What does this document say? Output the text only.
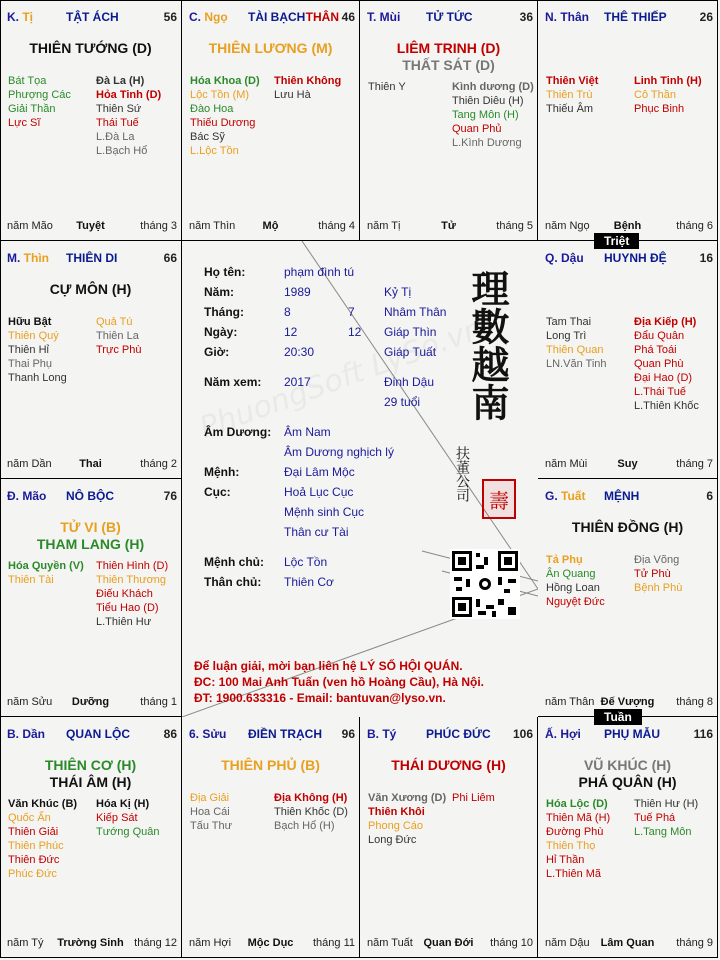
K. Tị	TẬT ÁCH	56
THIÊN TƯỚNG (D)
Bát Tọa
Phượng Các
Giải Thần
Lực Sĩ
Đà La (H)
Hỏa Tinh (D)
Thiên Sứ
Thái Tuế
L.Đà La
L.Bạch Hổ
năm Mão	Tuyệt	tháng 3
C. Ngọ TÀI BẠCH THÂN 46
THIÊN LƯƠNG (M)
Hóa Khoa (D)
Lộc Tồn (M)
Đào Hoa
Thiếu Dương
Bác Sỹ
L.Lộc Tồn
Thiên Không
Lưu Hà
năm Thìn	Mộ	tháng 4
T. Mùi TỬ TỨC	36
LIÊM TRINH (D)
THẤT SÁT (D)
Thiên Y	Kình dương (D)
Thiên Diêu (H)
Tang Môn (H)
Quan Phủ
L.Kình Dương
năm Tị	Tử	tháng 5
N. Thân THÊ THIẾP	26
Thiên Việt
Thiên Trù
Thiếu Âm
Linh Tinh (H)
Cô Thần
Phục Binh
năm Ngọ	Bệnh	tháng 6
M. Thìn THIÊN DI	66
CỰ MÔN (H)
Hữu Bật
Thiên Quý
Thiên Hỉ
Thai Phụ
Thanh Long
Quả Tú
Thiên La
Trực Phù
năm Dần	Thai	tháng 2
Q. Dậu HUYNH ĐỆ	16
Tam Thai
Long Trì
Thiên Quan
LN.Văn Tinh
Địa Kiếp (H)
Đẩu Quân
Phá Toái
Quan Phù
Đại Hao (D)
L.Thái Tuế
L.Thiên Khốc
năm Mùi	Suy	tháng 7
Đ. Mão NÔ BỘC	76
TỬ VI (B)
THAM LANG (H)
Hóa Quyền (V)
Thiên Tài
Thiên Hình (D)
Thiên Thương
Điếu Khách
Tiểu Hao (D)
L.Thiên Hư
năm Sửu	Dưỡng	tháng 1
G. Tuất MỆNH	6
THIÊN ĐỒNG (H)
Tả Phụ
Ân Quang
Hồng Loan
Nguyệt Đức
Địa Võng
Tử Phù
Bệnh Phù
năm Thân Đế Vượng	tháng 8
B. Dần QUAN LỘC	86
THIÊN CƠ (H)
THÁI ÂM (H)
Văn Khúc (B)
Quốc Ấn
Thiên Giải
Thiên Phúc
Thiên Đức
Phúc Đức
Hóa Kị (H)
Kiếp Sát
Tướng Quân
năm Tý	Trường Sinh tháng 12
6. Sửu ĐIỀN TRẠCH 96
THIÊN PHỦ (B)
Địa Giải
Hoa Cái
Tấu Thư
Địa Không (H)
Thiên Khốc (D)
Bạch Hổ (H)
năm Hợi	Mộc Dục	tháng 11
B. Tý PHÚC ĐỨC 106
THÁI DƯƠNG (H)
Văn Xương (D)
Thiên Khôi
Phong Cáo
Long Đức
Phi Liêm
năm Tuất Quan Đới	tháng 10
Ấ. Hợi PHỤ MẪU	116
VŨ KHÚC (H)
PHÁ QUÂN (H)
Hóa Lộc (D)
Thiên Mã (H)
Đường Phù
Thiên Thọ
Hỉ Thần
L.Thiên Mã
Thiên Hư (H)
Tuế Phá
L.Tang Môn
năm Dậu Lâm Quan	tháng 9
Triệt
Tuần
Họ tên:	phạm đình tú
Năm:	1989	Kỷ Tị
Tháng:	8	7 Nhâm Thân
Ngày:	12	12 Giáp Thìn
Giờ:	20:30	Giáp Tuất
Năm xem: 2017	Đinh Dậu
29 tuổi
Âm Dương: Âm Nam
Âm Dương nghịch lý
Mệnh:	Đại Lâm Mộc
Cục:	Hoả Lục Cục
Mệnh sinh Cục
Thân cư Tài
Mệnh chủ: Lộc Tồn
Thân chủ: Thiên Cơ
理數越南
扶董公司 壽
Để luận giải, mời bạn liên hệ LÝ SỐ HỘI QUÁN.
ĐC: 100 Mai Anh Tuấn (ven hồ Hoàng Cầu), Hà Nội.
ĐT: 1900.633316 - Email: bantuvan@lyso.vn.
